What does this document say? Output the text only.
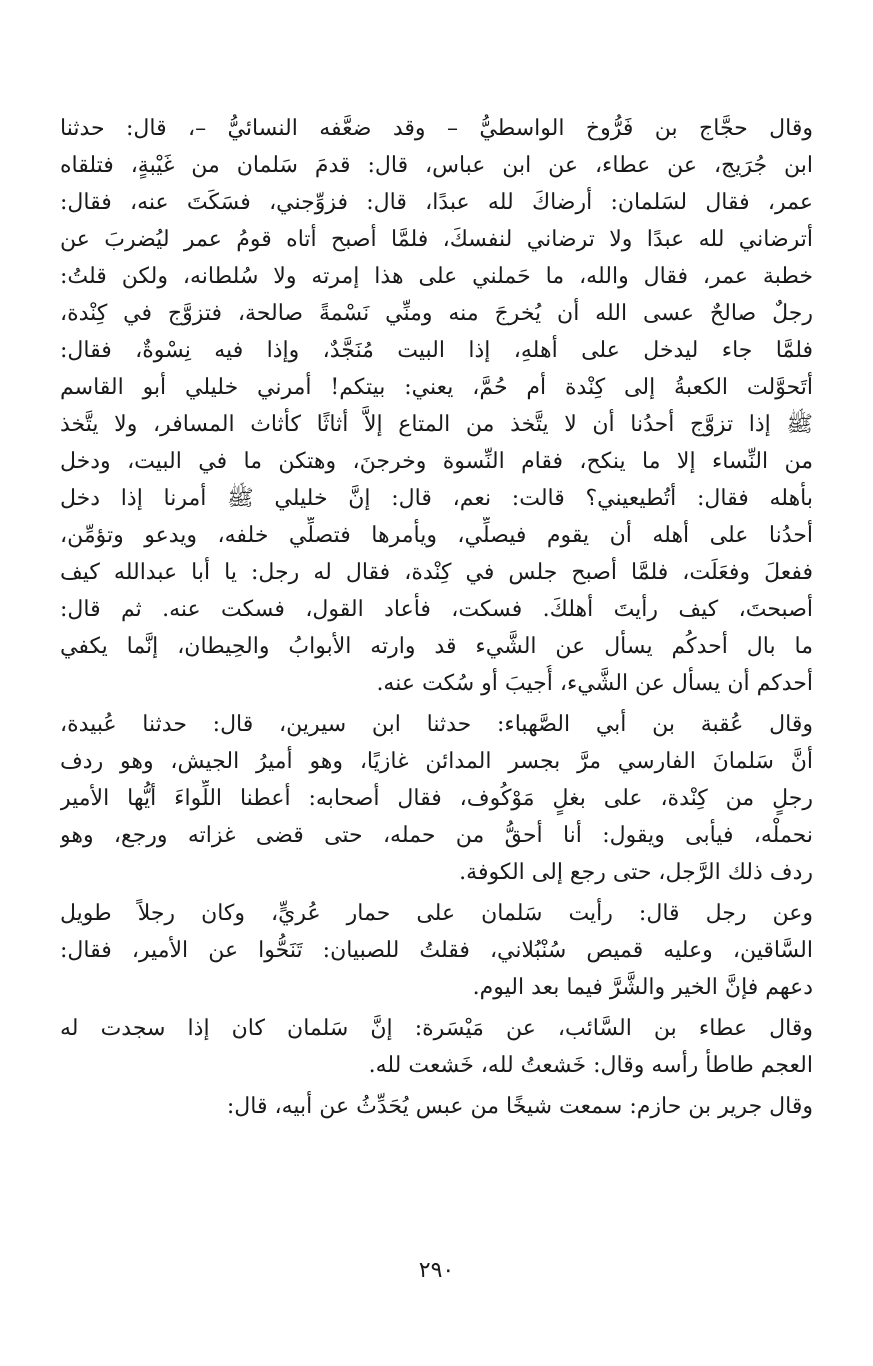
وقال حجَّاج بن فَرُّوخ الواسطيُّ – وقد ضعَّفه النسائيُّ –، قال: حدثنا
ابن جُرَيج، عن عطاء، عن ابن عباس، قال: قدمَ سَلمان من غَيْبةٍ، فتلقاه
عمر، فقال لسَلمان: أرضاكَ لله عبدًا، قال: فزوِّجني، فسَكَتَ عنه، فقال:
أترضاني لله عبدًا ولا ترضاني لنفسكَ، فلمَّا أصبح أتاه قومُ عمر ليُضربَ عن
خطبة عمر، فقال والله، ما حَملني على هذا إمرته ولا سُلطانه، ولكن قلتُ:
رجلٌ صالحٌ عسى الله أن يُخرجَ منه ومنِّي نَسْمةً صالحة، فتزوَّج في كِنْدة،
فلمَّا جاء ليدخل على أهلهِ، إذا البيت مُنَجَّدٌ، وإذا فيه نِسْوةٌ، فقال:
أتَحوَّلت الكعبةُ إلى كِنْدة أم حُمَّ، يعني: بيتكم! أمرني خليلي أبو القاسم
ﷺ إذا تزوَّج أحدُنا أن لا يتَّخذ من المتاع إلاَّ أثاثًا كأثاث المسافر، ولا يتَّخذ
من النِّساء إلا ما ينكح، فقام النِّسوة وخرجنَ، وهتكن ما في البيت، ودخل
بأهله فقال: أتُطيعيني؟ قالت: نعم، قال: إنَّ خليلي ﷺ أمرنا إذا دخل
أحدُنا على أهله أن يقوم فيصلِّي، ويأمرها فتصلِّي خلفه، ويدعو وتؤمِّن،
ففعلَ وفعَلَت، فلمَّا أصبح جلس في كِنْدة، فقال له رجل: يا أبا عبدالله كيف
أصبحتَ، كيف رأيتَ أهلكَ. فسكت، فأعاد القول، فسكت عنه. ثم قال:
ما بال أحدكُم يسأل عن الشَّيء قد وارته الأبوابُ والحِيطان، إنَّما يكفي
أحدكم أن يسأل عن الشَّيء، أُجيبَ أو سُكت عنه.
وقال عُقبة بن أبي الصَّهباء: حدثنا ابن سيرين، قال: حدثنا عُبيدة،
أنَّ سَلمانَ الفارسي مرَّ بجسر المدائن غازيًا، وهو أميرُ الجيش، وهو ردف
رجلٍ من كِنْدة، على بغلٍ مَوْكُوف، فقال أصحابه: أعطنا اللِّواءَ أيُّها الأمير
نحملْه، فيأبى ويقول: أنا أحقُّ من حمله، حتى قضى غزاته ورجع، وهو
ردف ذلك الرَّجل، حتى رجع إلى الكوفة.
وعن رجل قال: رأيت سَلمان على حمار عُريٍّ، وكان رجلاً طويل
السَّاقين، وعليه قميص سُنْبُلاني، فقلتُ للصبيان: تَنَحُّوا عن الأمير، فقال:
دعهم فإنَّ الخير والشَّرَّ فيما بعد اليوم.
وقال عطاء بن السَّائب، عن مَيْسَرة: إنَّ سَلمان كان إذا سجدت له
العجم طاطأ رأسه وقال: خَشعتُ لله، خَشعت لله.
وقال جرير بن حازم: سمعت شيخًا من عبس يُحَدِّثُ عن أبيه، قال:
٢٩٠
